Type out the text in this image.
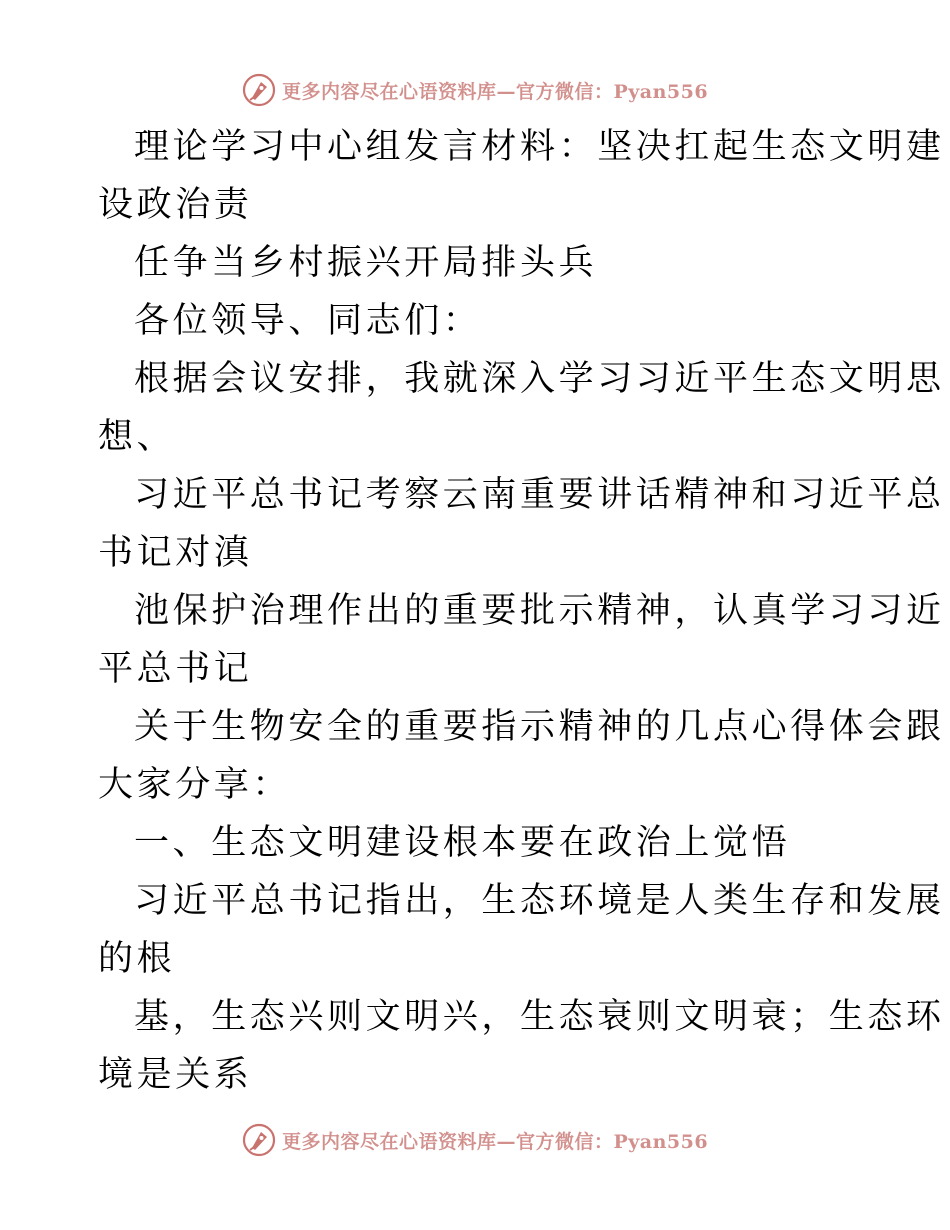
更多内容尽在心语资料库—官方微信：Pyan556
理论学习中心组发言材料：坚决扛起生态文明建
设政治责
任争当乡村振兴开局排头兵
各位领导、同志们：
根据会议安排，我就深入学习习近平生态文明思
想、
习近平总书记考察云南重要讲话精神和习近平总
书记对滇
池保护治理作出的重要批示精神，认真学习习近
平总书记
关于生物安全的重要指示精神的几点心得体会跟
大家分享：
一、生态文明建设根本要在政治上觉悟
习近平总书记指出，生态环境是人类生存和发展
的根
基，生态兴则文明兴，生态衰则文明衰；生态环
境是关系
更多内容尽在心语资料库—官方微信：Pyan556
